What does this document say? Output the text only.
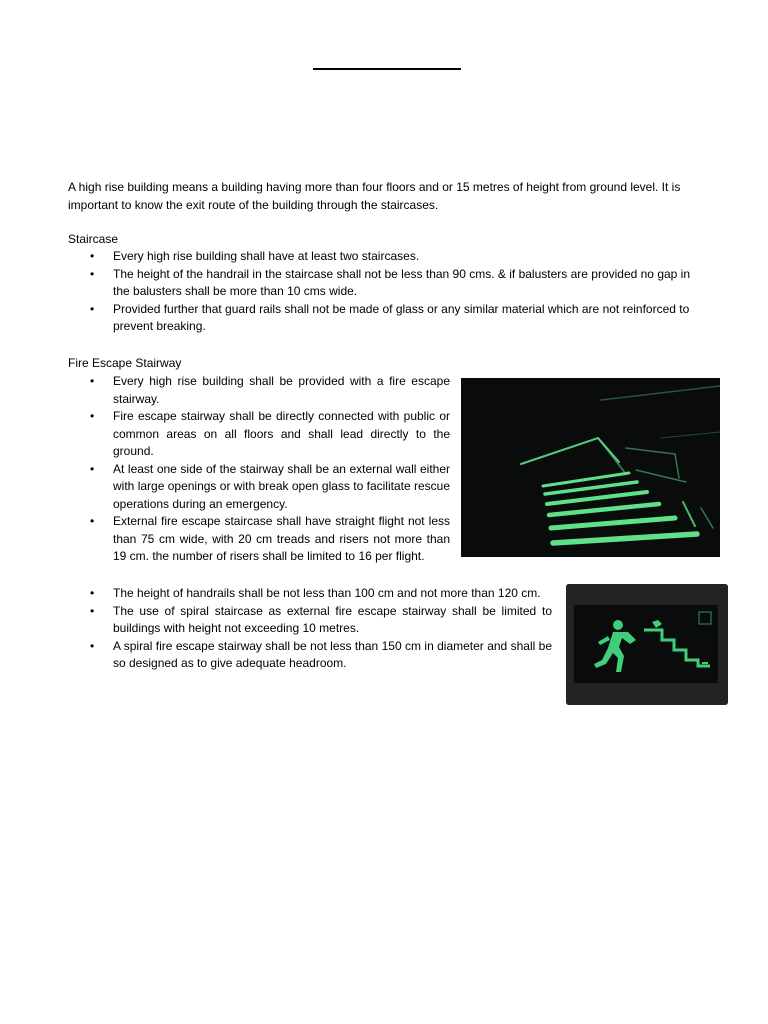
A high rise building means a building having more than four floors and or 15 metres of height from ground level. It is important to know the exit route of the building through the staircases.

Staircase
• Every high rise building shall have at least two staircases.
• The height of the handrail in the staircase shall not be less than 90 cms. & if balusters are provided no gap in the balusters shall be more than 10 cms wide.
• Provided further that guard rails shall not be made of glass or any similar material which are not reinforced to prevent breaking.
Fire Escape Stairway
• Every high rise building shall be provided with a fire escape stairway.
• Fire escape stairway shall be directly connected with public or common areas on all floors and shall lead directly to the ground.
• At least one side of the stairway shall be an external wall either with large openings or with break open glass to facilitate rescue operations during an emergency.
• External fire escape staircase shall have straight flight not less than 75 cm wide, with 20 cm treads and risers not more than 19 cm. the number of risers shall be limited to 16 per flight.
• The height of handrails shall be not less than 100 cm and not more than 120 cm.
• The use of spiral staircase as external fire escape stairway shall be limited to buildings with height not exceeding 10 metres.
• A spiral fire escape stairway shall be not less than 150 cm in diameter and shall be so designed as to give adequate headroom.
